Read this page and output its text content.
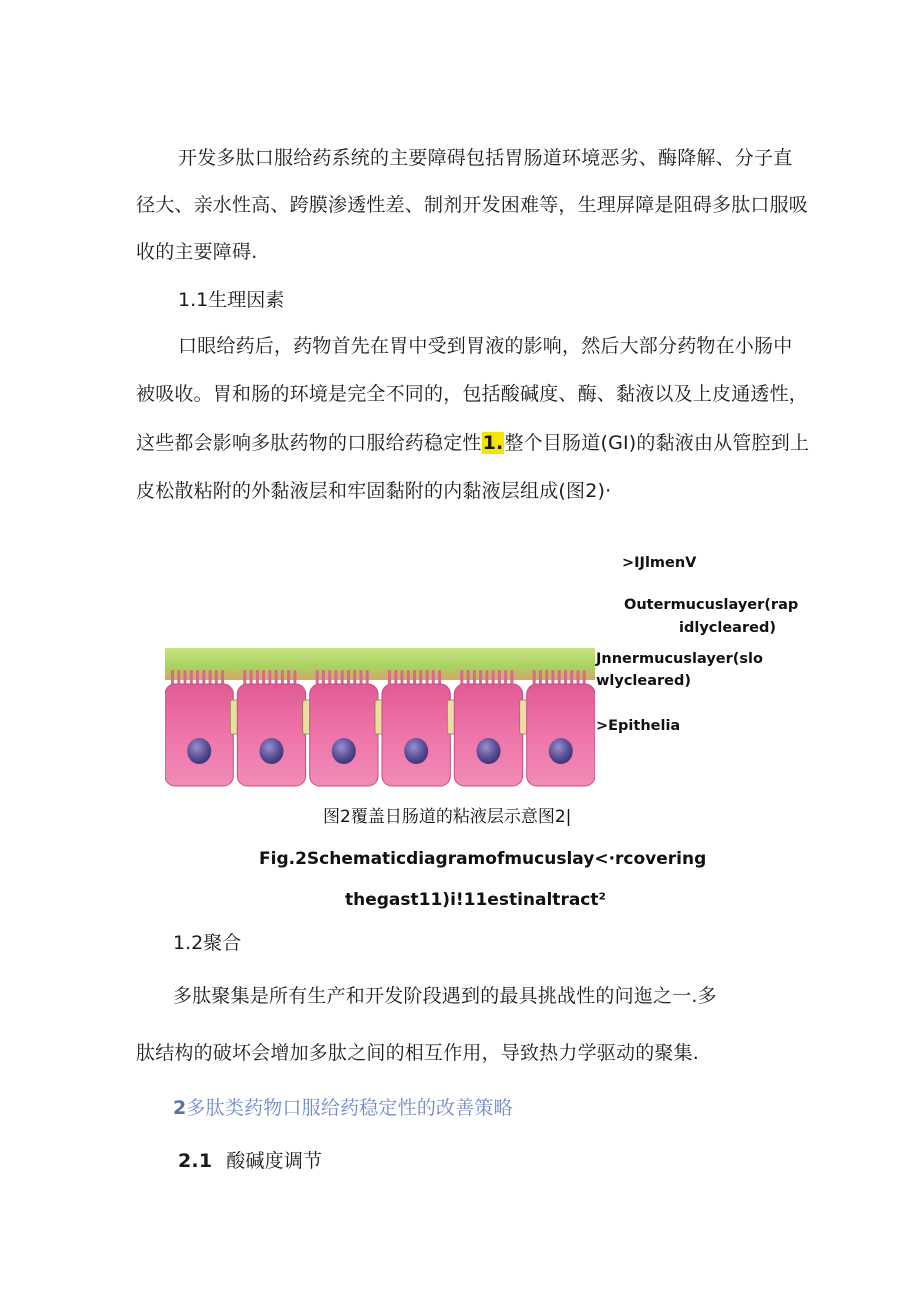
开发多肽口服给药系统的主要障碍包括胃肠道环境恶劣、酶降解、分子直
径大、亲水性高、跨膜渗透性差、制剂开发困难等，生理屏障是阻碍多肽口服吸
收的主要障碍.
1.1生理因素
口眼给药后，药物首先在胃中受到胃液的影响，然后大部分药物在小肠中
被吸收。胃和肠的环境是完全不同的，包括酸碱度、酶、黏液以及上皮通透性，
这些都会影响多肽药物的口服给药稳定性1.整个目肠道(GI)的黏液由从管腔到上
皮松散粘附的外黏液层和牢固黏附的内黏液层组成(图2)·
>IJlmenV
Outermucuslayer(rap
idlycleared)
Jnnermucuslayer(slo
wlycleared)
>Epithelia
图2覆盖日肠道的粘液层示意图2|
Fig.2Schematicdiagramofmucuslay<·rcovering
thegast11)i!11estinaltract²
1.2聚合
多肽聚集是所有生产和开发阶段遇到的最具挑战性的问迤之一.多
肽结构的破坏会增加多肽之间的相互作用，导致热力学驱动的聚集.
2多肽类药物口服给药稳定性的改善策略
2.1 酸碱度调节
